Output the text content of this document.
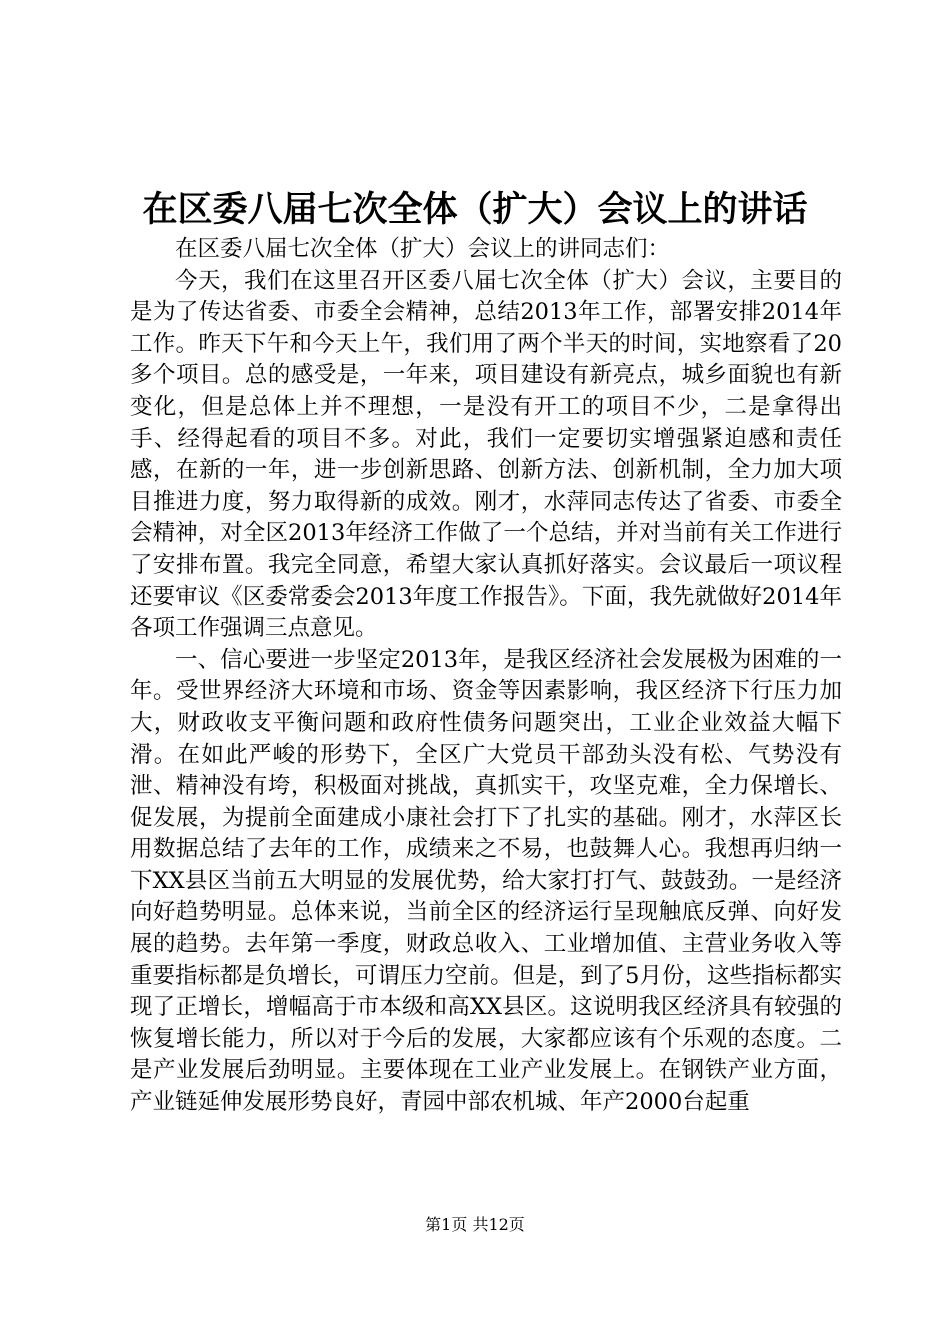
在区委八届七次全体（扩大）会议上的讲话

在区委八届七次全体（扩大）会议上的讲同志们：

今天，我们在这里召开区委八届七次全体（扩大）会议，主要目的是为了传达省委、市委全会精神，总结2013年工作，部署安排2014年工作。昨天下午和今天上午，我们用了两个半天的时间，实地察看了20多个项目。总的感受是，一年来，项目建设有新亮点，城乡面貌也有新变化，但是总体上并不理想，一是没有开工的项目不少，二是拿得出手、经得起看的项目不多。对此，我们一定要切实增强紧迫感和责任感，在新的一年，进一步创新思路、创新方法、创新机制，全力加大项目推进力度，努力取得新的成效。刚才，水萍同志传达了省委、市委全会精神，对全区2013年经济工作做了一个总结，并对当前有关工作进行了安排布置。我完全同意，希望大家认真抓好落实。会议最后一项议程还要审议《区委常委会2013年度工作报告》。下面，我先就做好2014年各项工作强调三点意见。

一、信心要进一步坚定2013年，是我区经济社会发展极为困难的一年。受世界经济大环境和市场、资金等因素影响，我区经济下行压力加大，财政收支平衡问题和政府性债务问题突出，工业企业效益大幅下滑。在如此严峻的形势下，全区广大党员干部劲头没有松、气势没有泄、精神没有垮，积极面对挑战，真抓实干，攻坚克难，全力保增长、促发展，为提前全面建成小康社会打下了扎实的基础。刚才，水萍区长用数据总结了去年的工作，成绩来之不易，也鼓舞人心。我想再归纳一下XX县区当前五大明显的发展优势，给大家打打气、鼓鼓劲。一是经济向好趋势明显。总体来说，当前全区的经济运行呈现触底反弹、向好发展的趋势。去年第一季度，财政总收入、工业增加值、主营业务收入等重要指标都是负增长，可谓压力空前。但是，到了5月份，这些指标都实现了正增长，增幅高于市本级和高XX县区。这说明我区经济具有较强的恢复增长能力，所以对于今后的发展，大家都应该有个乐观的态度。二是产业发展后劲明显。主要体现在工业产业发展上。在钢铁产业方面，产业链延伸发展形势良好，青园中部农机城、年产2000台起重

第1页 共12页
